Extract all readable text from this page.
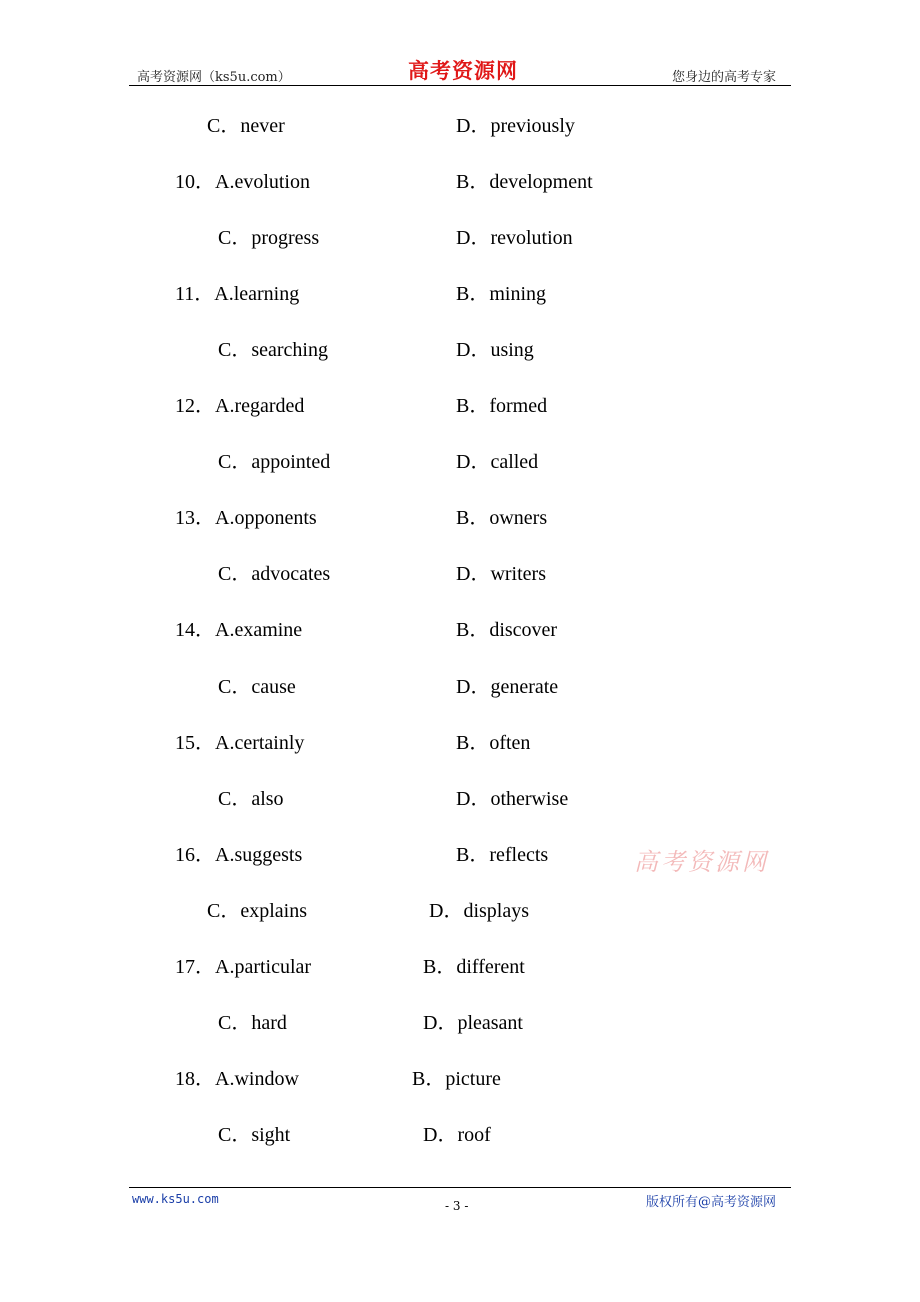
高考资源网（ks5u.com）	高考资源网	您身边的高考专家
C．never	D．previously
10．A.evolution	B．development
C．progress	D．revolution
11．A.learning	B．mining
C．searching	D．using
12．A.regarded	B．formed
C．appointed	D．called
13．A.opponents	B．owners
C．advocates	D．writers
14．A.examine	B．discover
C．cause	D．generate
15．A.certainly	B．often
C．also	D．otherwise
16．A.suggests	B．reflects
C．explains	D．displays
17．A.particular	B．different
C．hard	D．pleasant
18．A.window	B．picture
C．sight	D．roof
高考资源网
www.ks5u.com	- 3 -	版权所有@高考资源网
